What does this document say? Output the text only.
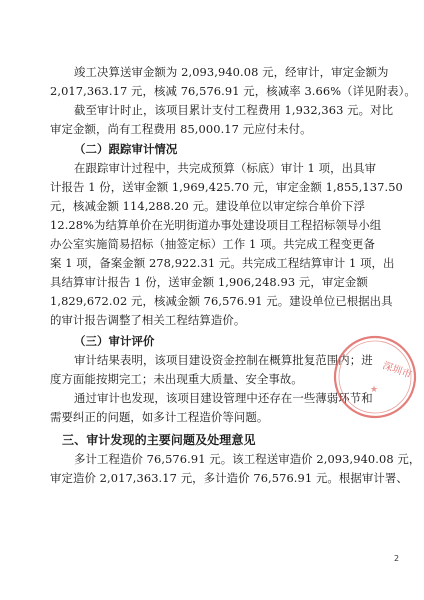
竣工决算送审金额为 2,093,940.08 元，经审计，审定金额为
2,017,363.17 元，核减 76,576.91 元，核减率 3.66%（详见附表）。
截至审计时止，该项目累计支付工程费用 1,932,363 元。对比
审定金额，尚有工程费用 85,000.17 元应付未付。
（二）跟踪审计情况
在跟踪审计过程中，共完成预算（标底）审计 1 项，出具审
计报告 1 份，送审金额 1,969,425.70 元，审定金额 1,855,137.50
元，核减金额 114,288.20 元。建设单位以审定综合单价下浮
12.28%为结算单价在光明街道办事处建设项目工程招标领导小组
办公室实施简易招标（抽签定标）工作 1 项。共完成工程变更备
案 1 项，备案金额 278,922.31 元。共完成工程结算审计 1 项，出
具结算审计报告 1 份，送审金额 1,906,248.93 元，审定金额
1,829,672.02 元，核减金额 76,576.91 元。建设单位已根据出具
的审计报告调整了相关工程结算造价。
（三）审计评价
审计结果表明，该项目建设资金控制在概算批复范围内；进
度方面能按期完工；未出现重大质量、安全事故。
通过审计也发现，该项目建设管理中还存在一些薄弱环节和
需要纠正的问题，如多计工程造价等问题。
三、审计发现的主要问题及处理意见
多计工程造价 76,576.91 元。该工程送审造价 2,093,940.08 元，
审定造价 2,017,363.17 元，多计造价 76,576.91 元。根据审计署、
2
深圳市
★
